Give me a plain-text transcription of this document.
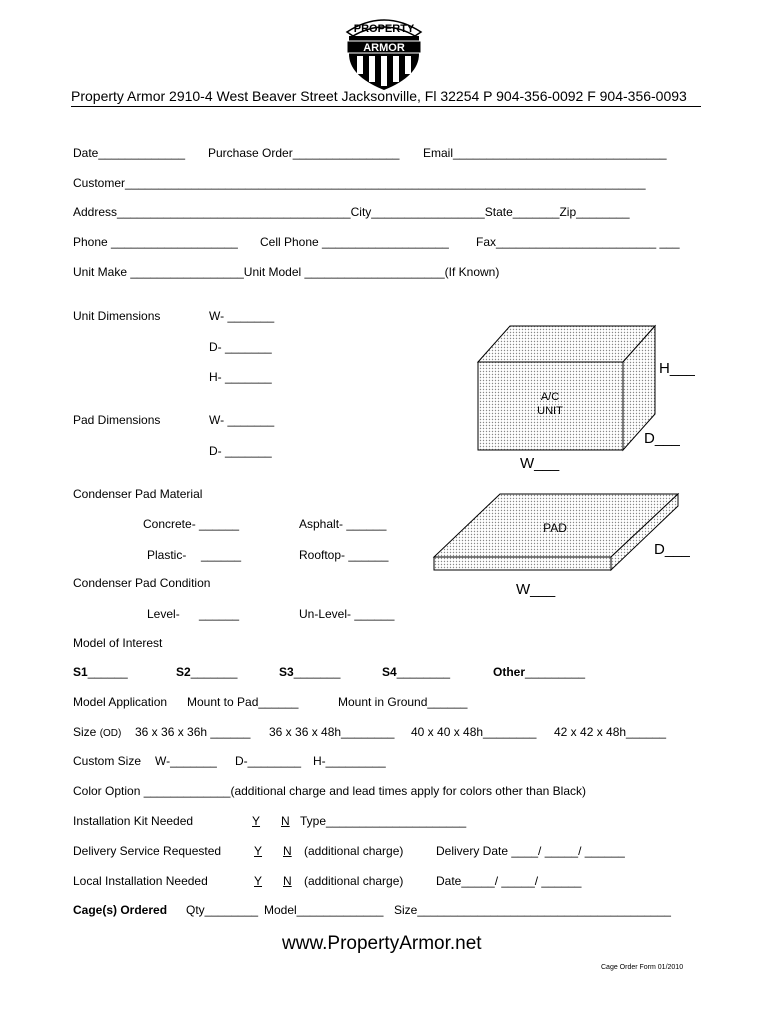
PROPERTY
ARMOR
Property Armor 2910-4 West Beaver Street Jacksonville, Fl 32254 P 904-356-0092 F 904-356-0093
Date_____________ Purchase Order________________ Email________________________________
Customer______________________________________________________________________________
Address___________________________________City_________________State_______Zip________
Phone ___________________ Cell Phone ___________________ Fax________________________ ___
Unit Make _________________Unit Model _____________________(If Known)
Unit Dimensions	W- _______
D- _______
H- _______
Pad Dimensions	W- _______
D- _______
A/C
UNIT
H___
D___
W___
Condenser Pad Material
Concrete- ______	Asphalt- ______
Plastic- ______	Rooftop- ______
PAD
D___
W___
Condenser Pad Condition
Level- ______	Un-Level- ______
Model of Interest
S1______	S2_______	S3_______	S4________	Other_________
Model Application Mount to Pad______	Mount in Ground______
Size (OD) 36 x 36 x 36h ______ 36 x 36 x 48h________ 40 x 40 x 48h________ 42 x 42 x 48h______
Custom Size W-_______ D-________ H-_________
Color Option _____________(additional charge and lead times apply for colors other than Black)
Installation Kit Needed	Y N Type_____________________
Delivery Service Requested	Y N (additional charge)	Delivery Date ____/ _____/ ______
Local Installation Needed	Y N (additional charge)	Date_____/ _____/ ______
Cage(s) Ordered Qty________ Model_____________ Size______________________________________
www.PropertyArmor.net
Cage Order Form 01/2010
